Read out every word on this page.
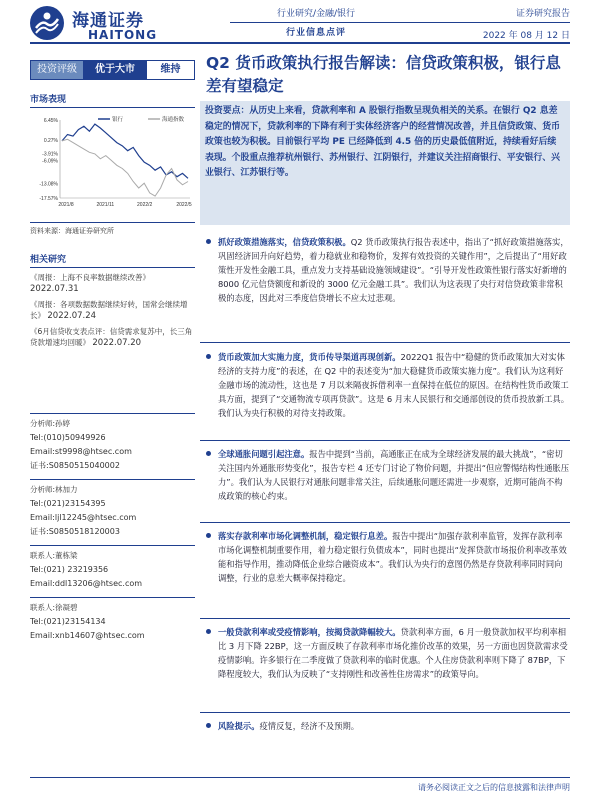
海通证券
HAITONG
行业研究/金融/银行
行业信息点评
证券研究报告
2022 年 08 月 12 日
Q2 货币政策执行报告解读：信贷政策积极，银行息差有望稳定
投资评级	优于大市	维持
市场表现
6.45%
0.27%
-3.91%
-6.09%
-13.08%
-17.57%
2021/8	2021/11	2022/2	2022/5
银行	海通指数
资料来源：海通证券研究所
相关研究
《周报：上海不良率数据继续改善》
2022.07.31
《周报：各项数据数据继续好转，国常会继续增长》 2022.07.24
《6月信贷收支表点评：信贷需求复苏中，长三角贷款增速均回暖》 2022.07.20
分析师:孙婷
Tel:(010)50949926
Email:st9998@htsec.com
证书:S0850515040002
分析师:林加力
Tel:(021)23154395
Email:ljl12245@htsec.com
证书:S0850518120003
联系人:董栋梁
Tel:(021) 23219356
Email:ddl13206@htsec.com
联系人:徐凝碧
Tel:(021)23154134
Email:xnb14607@htsec.com
投资要点：从历史上来看，贷款利率和 A 股银行指数呈现负相关的关系。在银行 Q2 息差稳定的情况下，贷款利率的下降有利于实体经济客户的经营情况改善，并且信贷政策、货币政策也较为积极。目前银行平均 PE 已经降低到 4.5 倍的历史最低值附近，持续看好后续表现。个股重点推荐杭州银行、苏州银行、江阴银行，并建议关注招商银行、平安银行、兴业银行、江苏银行等。
抓好政策措施落实，信贷政策积极。Q2 货币政策执行报告表述中，指出了“抓好政策措施落实，巩固经济回升向好趋势，着力稳就业和稳物价，发挥有效投资的关键作用”，之后提出了“用好政策性开发性金融工具，重点发力支持基础设施领域建设”。“引导开发性政策性银行落实好新增的 8000 亿元信贷额度和新设的 3000 亿元金融工具”。我们认为这表现了央行对信贷政策非常积极的态度，因此对三季度信贷增长不应太过悲观。
货币政策加大实施力度，货币传导渠道再现创新。2022Q1 报告中“稳健的货币政策加大对实体经济的支持力度”的表述，在 Q2 中的表述变为“加大稳健货币政策实施力度”。我们认为这利好金融市场的流动性，这也是 7 月以来隔夜拆借利率一直保持在低位的原因。在结构性货币政策工具方面，提到了“交通物流专项再贷款”。这是 6 月末人民银行和交通部创设的货币投放新工具。我们认为央行积极的对待支持政策。
全球通胀问题引起注意。报告中提到“当前，高通胀正在成为全球经济发展的最大挑战”，“密切关注国内外通胀形势变化”，报告专栏 4 还专门讨论了物价问题，并提出“但应警惕结构性通胀压力”。我们认为人民银行对通胀问题非常关注，后续通胀问题还需进一步观察，近期可能尚不构成政策的核心约束。
落实存款利率市场化调整机制，稳定银行息差。报告中提出“加强存款利率监管，发挥存款利率市场化调整机制重要作用，着力稳定银行负债成本”，同时也提出“发挥贷款市场报价利率改革效能和指导作用，推动降低企业综合融资成本”。我们认为央行的意图仍然是存贷款利率同时同向调整，行业的息差大概率保持稳定。
一般贷款利率或受疫情影响，按揭贷款降幅较大。贷款利率方面，6 月一般贷款加权平均利率相比 3 月下降 22BP，这一方面反映了存款利率市场化推价改革的效果，另一方面也因贷款需求受疫情影响。许多银行在二季度做了贷款利率的临时优惠。个人住房贷款利率则下降了 87BP，下降程度较大，我们认为反映了“支持刚性和改善性住房需求”的政策导向。
风险提示。疫情反复，经济不及预期。
请务必阅读正文之后的信息披露和法律声明
